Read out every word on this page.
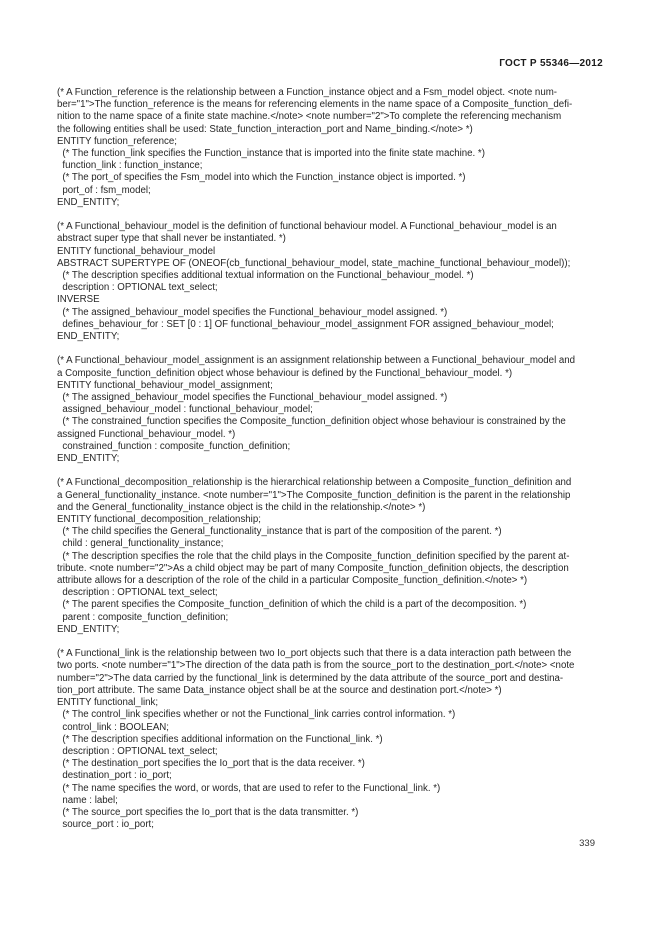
ГОСТ Р 55346—2012
(* A Function_reference is the relationship between a Function_instance object and a Fsm_model object. <note num-
ber="1">The function_reference is the means for referencing elements in the name space of a Composite_function_defi-
nition to the name space of a finite state machine.</note> <note number="2">To complete the referencing mechanism
the following entities shall be used: State_function_interaction_port and Name_binding.</note> *)
ENTITY function_reference;
(* The function_link specifies the Function_instance that is imported into the finite state machine. *)
function_link : function_instance;
(* The port_of specifies the Fsm_model into which the Function_instance object is imported. *)
port_of : fsm_model;
END_ENTITY;
(* A Functional_behaviour_model is the definition of functional behaviour model. A Functional_behaviour_model is an
abstract super type that shall never be instantiated. *)
ENTITY functional_behaviour_model
ABSTRACT SUPERTYPE OF (ONEOF(cb_functional_behaviour_model, state_machine_functional_behaviour_model));
(* The description specifies additional textual information on the Functional_behaviour_model. *)
description : OPTIONAL text_select;
INVERSE
(* The assigned_behaviour_model specifies the Functional_behaviour_model assigned. *)
defines_behaviour_for : SET [0 : 1] OF functional_behaviour_model_assignment FOR assigned_behaviour_model;
END_ENTITY;
(* A Functional_behaviour_model_assignment is an assignment relationship between a Functional_behaviour_model and
a Composite_function_definition object whose behaviour is defined by the Functional_behaviour_model. *)
ENTITY functional_behaviour_model_assignment;
(* The assigned_behaviour_model specifies the Functional_behaviour_model assigned. *)
assigned_behaviour_model : functional_behaviour_model;
(* The constrained_function specifies the Composite_function_definition object whose behaviour is constrained by the
assigned Functional_behaviour_model. *)
constrained_function : composite_function_definition;
END_ENTITY;
(* A Functional_decomposition_relationship is the hierarchical relationship between a Composite_function_definition and
a General_functionality_instance. <note number="1">The Composite_function_definition is the parent in the relationship
and the General_functionality_instance object is the child in the relationship.</note> *)
ENTITY functional_decomposition_relationship;
(* The child specifies the General_functionality_instance that is part of the composition of the parent. *)
child : general_functionality_instance;
(* The description specifies the role that the child plays in the Composite_function_definition specified by the parent at-
tribute. <note number="2">As a child object may be part of many Composite_function_definition objects, the description
attribute allows for a description of the role of the child in a particular Composite_function_definition.</note> *)
description : OPTIONAL text_select;
(* The parent specifies the Composite_function_definition of which the child is a part of the decomposition. *)
parent : composite_function_definition;
END_ENTITY;
(* A Functional_link is the relationship between two Io_port objects such that there is a data interaction path between the
two ports. <note number="1">The direction of the data path is from the source_port to the destination_port.</note> <note
number="2">The data carried by the functional_link is determined by the data attribute of the source_port and destina-
tion_port attribute. The same Data_instance object shall be at the source and destination port.</note> *)
ENTITY functional_link;
(* The control_link specifies whether or not the Functional_link carries control information. *)
control_link : BOOLEAN;
(* The description specifies additional information on the Functional_link. *)
description : OPTIONAL text_select;
(* The destination_port specifies the Io_port that is the data receiver. *)
destination_port : io_port;
(* The name specifies the word, or words, that are used to refer to the Functional_link. *)
name : label;
(* The source_port specifies the Io_port that is the data transmitter. *)
source_port : io_port;
339
